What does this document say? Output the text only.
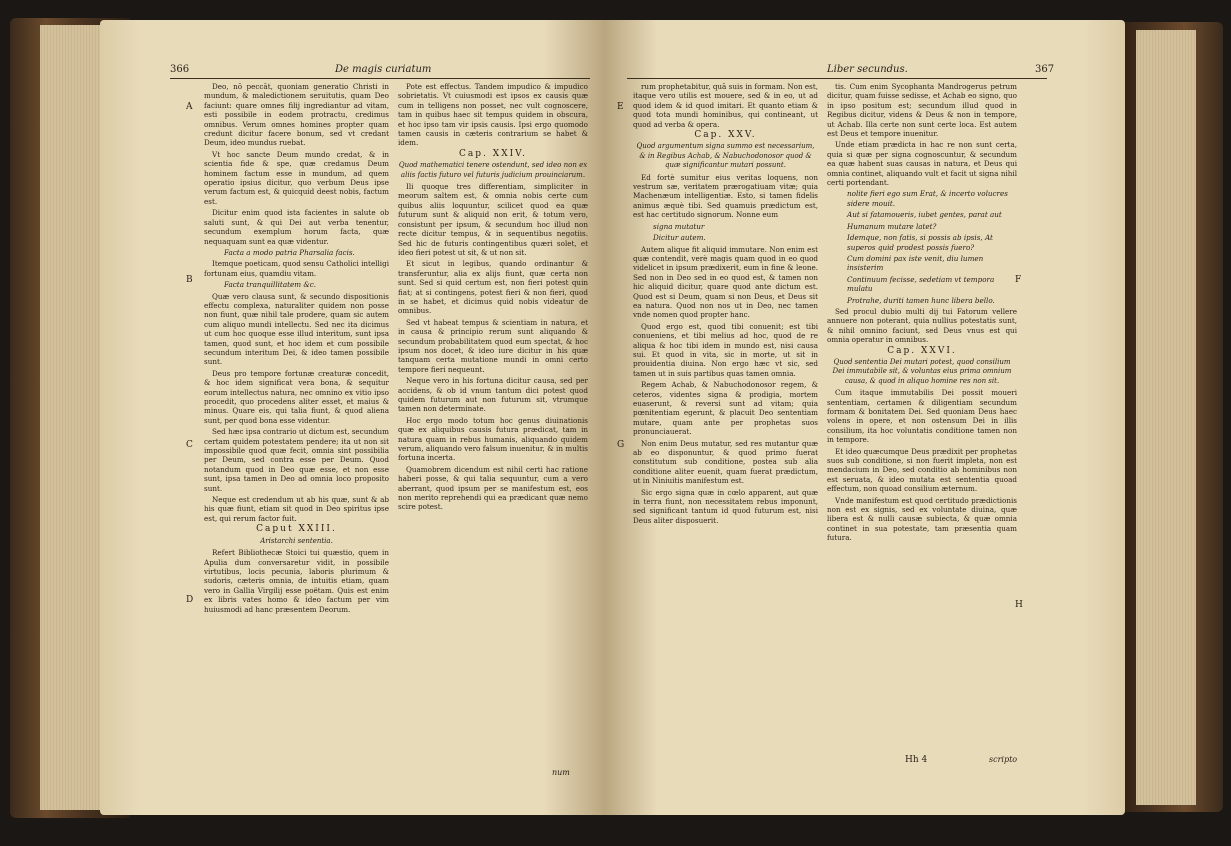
366	De magis curiatum
A
B
C
D

Deo, nō peccāt, quoniam generatio Christi in mundum, & maledictionem seruitutis, quam Deo faciunt: quare omnes filij ingrediantur ad vitam, esti possibile in eodem protractu, credimus omnibus. Verum omnes homines propter quam credunt dicitur facere bonum, sed vt credant Deum, ideo mundus ruebat.

Vt hoc sancte Deum mundo credat, & in scientia fide & spe, quæ credamus Deum hominem factum esse in mundum, ad quem operatio ipsius dicitur, quo verbum Deus ipse verum factum est, & quicquid deest nobis, factum est.

Dicitur enim quod ista facientes in salute ob saluti sunt, & qui Dei aut verba tenentur, secundum exemplum horum facta, quæ nequaquam sunt ea quæ videntur.

Facta a modo patria Pharsalia facis.

Itemque poeticam, quod sensu Catholici intelligi fortunam eius, quamdiu vitam.

Facta tranquillitatem &c.

Quæ vero clausa sunt, & secundo dispositionis effectu complexa, naturaliter quidem non posse non fiunt, quæ nihil tale prodere, quam sic autem cum aliquo mundi intellectu. Sed nec ita dicimus ut cum hoc quoque esse illud interitum, sunt ipsa tamen, quod sunt, et hoc idem et cum possibile secundum interitum Dei, & ideo tamen possibile sunt.

Deus pro tempore fortunæ creaturæ concedit, & hoc idem significat vera bona, & sequitur eorum intellectus natura, nec omnino ex vitio ipso procedit, quo procedens aliter esset, et maius & minus. Quare eis, qui talia fiunt, & quod aliena sunt, per quod bona esse videntur.

Sed hæc ipsa contrario ut dictum est, secundum certam quidem potestatem pendere; ita ut non sit impossibile quod quæ fecit, omnia sint possibilia per Deum, sed contra esse per Deum. Quod notandum quod in Deo quæ esse, et non esse sunt, ipsa tamen in Deo ad omnia loco proposito sunt.

Neque est credendum ut ab his quæ, sunt & ab his quæ fiunt, etiam sit quod in Deo spiritus ipse est, qui rerum factor fuit.

Caput XXIII.

Aristarchi sententia.

Refert Bibliothecæ Stoici tui quæstio, quem in Apulia dum conversaretur vidit, in possibile virtutibus, locis pecunia, laboris plurimum & sudoris, cæteris omnia, de intuitis etiam, quam vero in Gallia Virgilij esse poëtam. Quis est enim ex libris vates homo & ideo factum per vim huiusmodi ad hanc præsentem Deorum.

Pote est effectus. Tandem impudico & impudico sobrietatis. Vt cuiusmodi est ipsos ex causis quæ cum in telligens non posset, nec vult cognoscere, tam in quibus haec sit tempus quidem in obscura, et hoc ipso tam vir ipsis causis. Ipsi ergo quomodo tamen causis in cæteris contrarium se habet & idem.

Cap. XXIV.

Quod mathematici tenere ostendunt, sed ideo non ex aliis factis futuro vel futuris judicium prouinciarum.

Ili quoque tres differentiam, simpliciter in meorum saltem est, & omnia nobis certe cum quibus aliis loquuntur, scilicet quod ea quæ futurum sunt & aliquid non erit, & totum vero, consistunt per ipsum, & secundum hoc illud non recte dicitur tempus, & in sequentibus negotiis. Sed hic de futuris contingentibus quæri solet, et ideo fieri potest ut sit, & ut non sit.

Et sicut in legibus, quando ordinantur & transferuntur, alia ex alijs fiunt, quæ certa non sunt. Sed si quid certum est, non fieri potest quin fiat; at si contingens, potest fieri & non fieri, quod in se habet, et dicimus quid nobis videatur de omnibus.

Sed vt habeat tempus & scientiam in natura, et in causa & principio rerum sunt aliquando & secundum probabilitatem quod eum spectat, & hoc ipsum nos docet, & ideo iure dicitur in his quæ tanquam certa mutatione mundi in omni certo tempore fieri nequeunt.

Neque vero in his fortuna dicitur causa, sed per accidens, & ob id vnum tantum dici potest quod quidem futurum aut non futurum sit, vtrumque tamen non determinate.

Hoc ergo modo totum hoc genus diuinationis quæ ex aliquibus causis futura prædicat, tam in natura quam in rebus humanis, aliquando quidem verum, aliquando vero falsum inuenitur, & in multis fortuna incerta.

Quamobrem dicendum est nihil certi hac ratione haberi posse, & qui talia sequuntur, cum a vero aberrant, quod ipsum per se manifestum est, eos non merito reprehendi qui ea prædicant quæ nemo scire potest.

num
Liber secundus.	367
E
F
G
H

rum prophetabitur, quā suis in formam. Non est, itaque vero utilis est mouere, sed & in eo, ut ad quod idem & id quod imitari. Et quanto etiam & quod tota mundi hominibus, qui contineant, ut quod ad verba & opera.

Cap. XXV.

Quod argumentum signa summo est necessarium, & in Regibus Achab, & Nabuchodonosor quod & quæ significantur mutari possunt.

Ed fortè sumitur eius veritas loquens, non vestrum sæ, veritatem prærogatiuam vitæ; quia Machenæum intelligentiæ. Esto, si tamen fidelis animus æquè tibi. Sed quamuis prædictum est, est hac certitudo signorum. Nonne eum

signa mutatur

Dicitur autem.

Autem alique fit aliquid immutare. Non enim est quæ contendit, verè magis quam quod in eo quod videlicet in ipsum prædixerit, eum in fine & leone. Sed non in Deo sed in eo quod est, & tamen non hic aliquid dicitur, quare quod ante dictum est. Quod est si Deum, quam si non Deus, et Deus sit ea natura. Quod non nos ut in Deo, nec tamen vnde nomen quod propter hanc.

Quod ergo est, quod tibi conuenit; est tibi conueniens, et tibi melius ad hoc, quod de re aliqua & hoc tibi idem in mundo est, nisi causa sui. Et quod in vita, sic in morte, ut sit in prouidentia diuina. Non ergo hæc vt sic, sed tamen ut in suis partibus quas tamen omnia.

Regem Achab, & Nabuchodonosor regem, & ceteros, videntes signa & prodigia, mortem euaserunt, & reversi sunt ad vitam; quia pœnitentiam egerunt, & placuit Deo sententiam mutare, quam ante per prophetas suos pronunciauerat.

Non enim Deus mutatur, sed res mutantur quæ ab eo disponuntur, & quod primo fuerat constitutum sub conditione, postea sub alia conditione aliter euenit, quam fuerat prædictum, ut in Niniuitis manifestum est.

Sic ergo signa quæ in cœlo apparent, aut quæ in terra fiunt, non necessitatem rebus imponunt, sed significant tantum id quod futurum est, nisi Deus aliter disposuerit.

tis. Cum enim Sycophanta Mandrogerus petrum dicitur, quam fuisse sedisse, et Achab eo signo, quo in ipso positum est; secundum illud quod in Regibus dicitur, videns & Deus & non in tempore, ut Achab. Illa certe non sunt certe loca. Est autem est Deus et tempore inuenitur.

Unde etiam prædicta in hac re non sunt certa, quia si quæ per signa cognoscuntur, & secundum ea quæ habent suas causas in natura, et Deus qui omnia continet, aliquando vult et facit ut signa nihil certi portendant.

nolite fieri ego sum Erat, & incerto volucres sidere mouit.

Aut si fatamoueris, iubet gentes, parat aut

Humanum mutare latet?

Idemque, non fatis, si possis ab ipsis, At superos quid prodest possis fuero?

Cum domini pax iste venit, diu lumen insisterim

Continuum fecisse, sedetiam vt tempora mulatu

Protrahe, duriti tamen hunc libera bello.

Sed procul dubio multi dij tui Fatorum vellere annuere non poterant, quia nullius potestatis sunt, & nihil omnino faciunt, sed Deus vnus est qui omnia operatur in omnibus.

Cap. XXVI.

Quod sententia Dei mutari potest, quod consilium Dei immutabile sit, & voluntas eius prima omnium causa, & quod in aliquo homine res non sit.

Cum itaque immutabilis Dei possit moueri sententiam, certamen & diligentiam secundum formam & bonitatem Dei. Sed quoniam Deus haec volens in opere, et non ostensum Dei in illis consilium, ita hoc voluntatis conditione tamen non in tempore.

Et ideo quæcumque Deus prædixit per prophetas suos sub conditione, si non fuerit impleta, non est mendacium in Deo, sed conditio ab hominibus non est seruata, & ideo mutata est sententia quoad effectum, non quoad consilium æternum.

Vnde manifestum est quod certitudo prædictionis non est ex signis, sed ex voluntate diuina, quæ libera est & nulli causæ subiecta, & quæ omnia continet in sua potestate, tam præsentia quam futura.

Hh 4	scripto
